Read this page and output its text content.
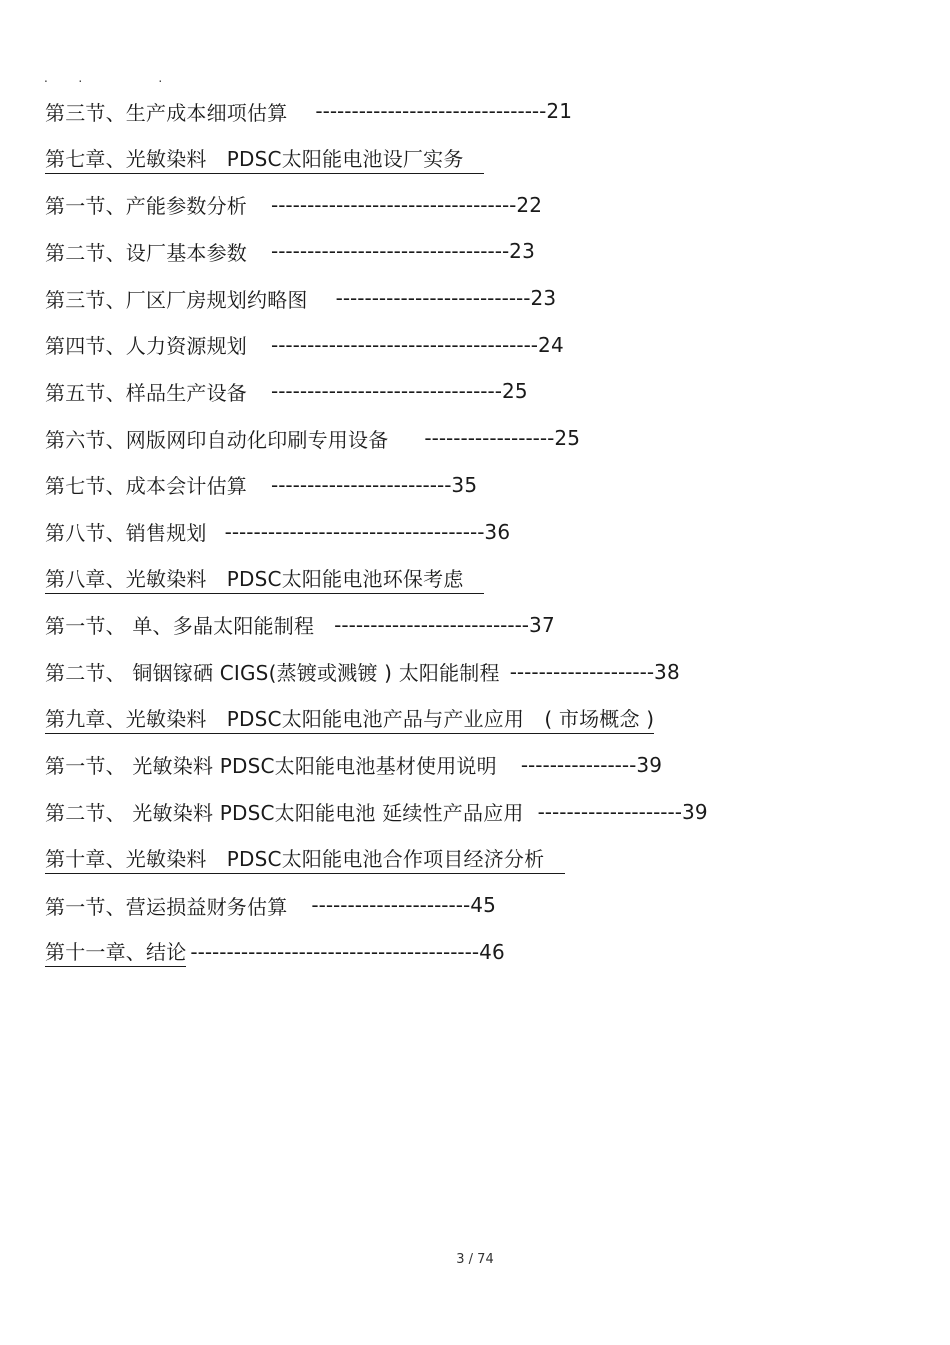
.        .                    .
第三节、生产成本细项估算 -------------------------------- 21
第七章、光敏染料　PDSC太阳能电池设厂实务　
第一节、产能参数分析 ---------------------------------- 22
第二节、设厂基本参数 --------------------------------- 23
第三节、厂区厂房规划约略图 --------------------------- 23
第四节、人力资源规划 ------------------------------------- 24
第五节、样品生产设备 -------------------------------- 25
第六节、网版网印自动化印刷专用设备 ------------------ 25
第七节、成本会计估算 ------------------------- 35
第八节、销售规划 ------------------------------------ 36
第八章、光敏染料　PDSC太阳能电池环保考虑　
第一节、 单、多晶太阳能制程 --------------------------- 37
第二节、 铜铟镓硒 CIGS(蒸镀或溅镀 ) 太阳能制程 -------------------- 38
第九章、光敏染料　PDSC太阳能电池产品与产业应用　( 市场概念 )
第一节、 光敏染料 PDSC太阳能电池基材使用说明 ---------------- 39
第二节、 光敏染料 PDSC太阳能电池 延续性产品应用 -------------------- 39
第十章、光敏染料　PDSC太阳能电池合作项目经济分析　
第一节、营运损益财务估算 ---------------------- 45
第十一章、结论 ---------------------------------------- 46
3 / 74
